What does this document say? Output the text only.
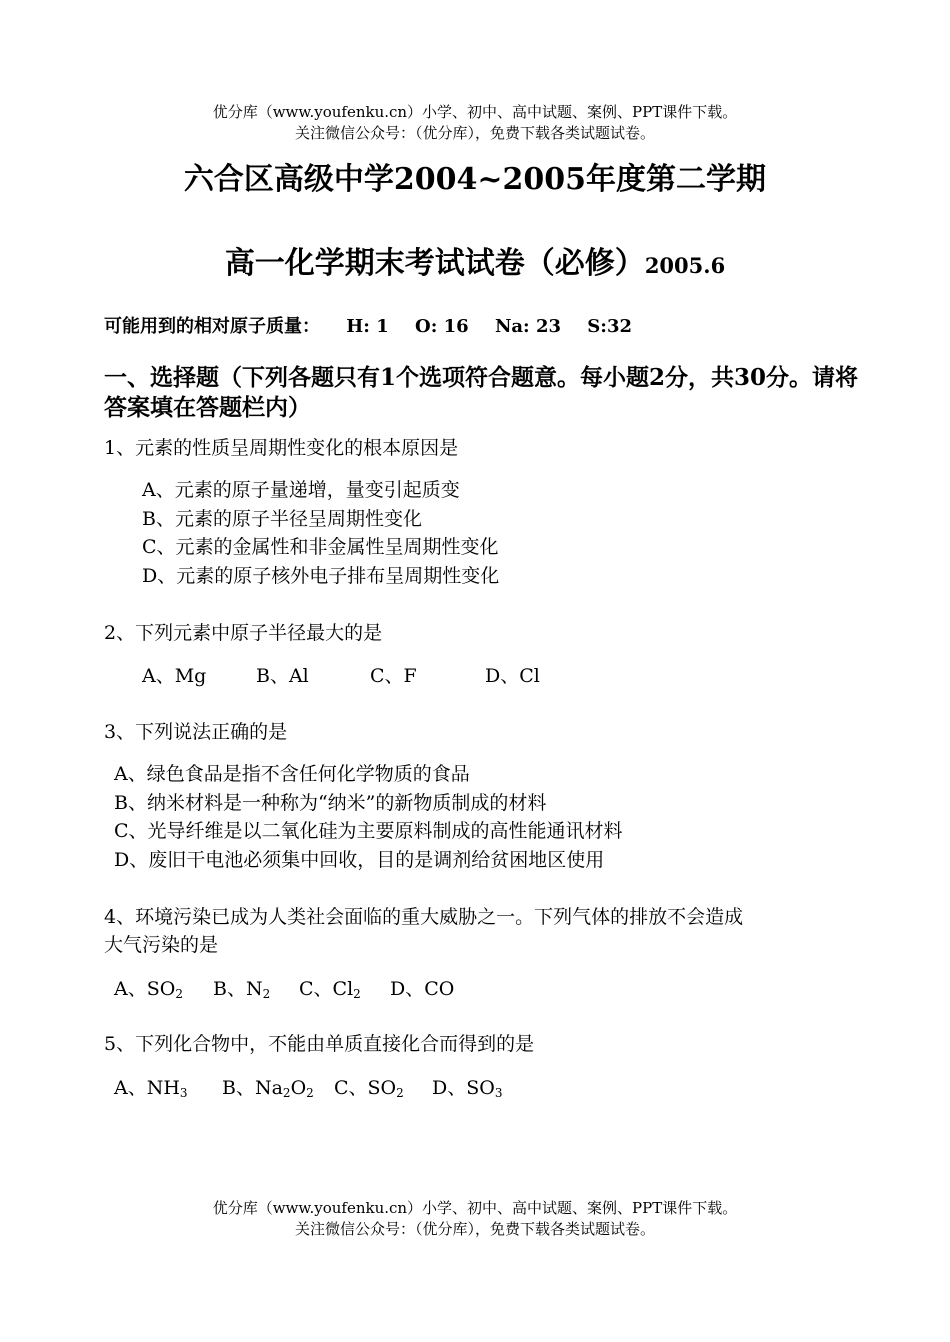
优分库（www.youfenku.cn）小学、初中、高中试题、案例、PPT课件下载。
关注微信公众号：（优分库），免费下载各类试题试卷。
六合区高级中学2004~2005年度第二学期
高一化学期末考试试卷（必修）2005.6
可能用到的相对原子质量： H: 1 O: 16 Na: 23 S:32
一、选择题（下列各题只有1个选项符合题意。每小题2分，共30分。请将答案填在答题栏内）
1、元素的性质呈周期性变化的根本原因是
A、元素的原子量递增，量变引起质变
B、元素的原子半径呈周期性变化
C、元素的金属性和非金属性呈周期性变化
D、元素的原子核外电子排布呈周期性变化
2、下列元素中原子半径最大的是
A、Mg	B、Al	C、F	D、Cl
3、下列说法正确的是
A、绿色食品是指不含任何化学物质的食品
B、纳米材料是一种称为“纳米”的新物质制成的材料
C、光导纤维是以二氧化硅为主要原料制成的高性能通讯材料
D、废旧干电池必须集中回收，目的是调剂给贫困地区使用
4、环境污染已成为人类社会面临的重大威胁之一。下列气体的排放不会造成
大气污染的是
A、$SO_2$ B、$N_2$ C、$Cl_2$ D、CO
5、下列化合物中，不能由单质直接化合而得到的是
A、$NH_3$ B、$Na_2O_2$ C、$SO_2$ D、$SO_3$
优分库（www.youfenku.cn）小学、初中、高中试题、案例、PPT课件下载。
关注微信公众号：（优分库），免费下载各类试题试卷。
